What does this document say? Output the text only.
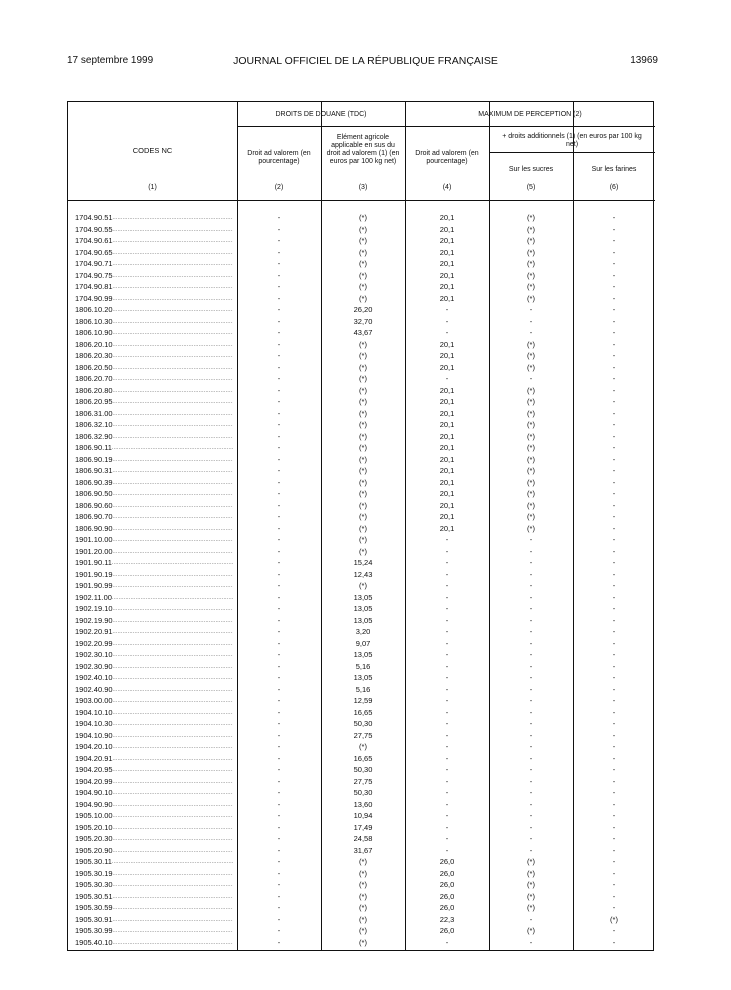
17 septembre 1999	JOURNAL OFFICIEL DE LA RÉPUBLIQUE FRANÇAISE	13969
CODES NC
DROITS DE DOUANE (TDC)	MAXIMUM DE PERCEPTION (2)
Droit ad valorem (en pourcentage)
Elément agricole applicable en sus du droit ad valorem (1) (en euros par 100 kg net)
Droit ad valorem (en pourcentage)
+ droits additionnels (1) (en euros par 100 kg net)
Sur les sucres	Sur les farines
(1)	(2)	(3)	(4)	(5)	(6)
1704.90.51 .....	-	(*)	20,1	(*)	-
1704.90.55 .....	-	(*)	20,1	(*)	-
1704.90.61 .....	-	(*)	20,1	(*)	-
1704.90.65 .....	-	(*)	20,1	(*)	-
1704.90.71 .....	-	(*)	20,1	(*)	-
1704.90.75 .....	-	(*)	20,1	(*)	-
1704.90.81 .....	-	(*)	20,1	(*)	-
1704.90.99 .....	-	(*)	20,1	(*)	-
1806.10.20 .....	-	26,20	-	-	-
1806.10.30 .....	-	32,70	-	-	-
1806.10.90 .....	-	43,67	-	-	-
1806.20.10 .....	-	(*)	20,1	(*)	-
1806.20.30 .....	-	(*)	20,1	(*)	-
1806.20.50 .....	-	(*)	20,1	(*)	-
1806.20.70 .....	-	(*)	-	-	-
1806.20.80 .....	-	(*)	20,1	(*)	-
1806.20.95 .....	-	(*)	20,1	(*)	-
1806.31.00 .....	-	(*)	20,1	(*)	-
1806.32.10 .....	-	(*)	20,1	(*)	-
1806.32.90 .....	-	(*)	20,1	(*)	-
1806.90.11 .....	-	(*)	20,1	(*)	-
1806.90.19 .....	-	(*)	20,1	(*)	-
1806.90.31 .....	-	(*)	20,1	(*)	-
1806.90.39 .....	-	(*)	20,1	(*)	-
1806.90.50 .....	-	(*)	20,1	(*)	-
1806.90.60 .....	-	(*)	20,1	(*)	-
1806.90.70 .....	-	(*)	20,1	(*)	-
1806.90.90 .....	-	(*)	20,1	(*)	-
1901.10.00 .....	-	(*)	-	-	-
1901.20.00 .....	-	(*)	-	-	-
1901.90.11 .....	-	15,24	-	-	-
1901.90.19 .....	-	12,43	-	-	-
1901.90.99 .....	-	(*)	-	-	-
1902.11.00 .....	-	13,05	-	-	-
1902.19.10 .....	-	13,05	-	-	-
1902.19.90 .....	-	13,05	-	-	-
1902.20.91 .....	-	3,20	-	-	-
1902.20.99 .....	-	9,07	-	-	-
1902.30.10 .....	-	13,05	-	-	-
1902.30.90 .....	-	5,16	-	-	-
1902.40.10 .....	-	13,05	-	-	-
1902.40.90 .....	-	5,16	-	-	-
1903.00.00 .....	-	12,59	-	-	-
1904.10.10 .....	-	16,65	-	-	-
1904.10.30 .....	-	50,30	-	-	-
1904.10.90 .....	-	27,75	-	-	-
1904.20.10 .....	-	(*)	-	-	-
1904.20.91 .....	-	16,65	-	-	-
1904.20.95 .....	-	50,30	-	-	-
1904.20.99 .....	-	27,75	-	-	-
1904.90.10 .....	-	50,30	-	-	-
1904.90.90 .....	-	13,60	-	-	-
1905.10.00 .....	-	10,94	-	-	-
1905.20.10 .....	-	17,49	-	-	-
1905.20.30 .....	-	24,58	-	-	-
1905.20.90 .....	-	31,67	-	-	-
1905.30.11 .....	-	(*)	26,0	(*)	-
1905.30.19 .....	-	(*)	26,0	(*)	-
1905.30.30 .....	-	(*)	26,0	(*)	-
1905.30.51 .....	-	(*)	26,0	(*)	-
1905.30.59 .....	-	(*)	26,0	(*)	-
1905.30.91 .....	-	(*)	22,3	-	(*)
1905.30.99 .....	-	(*)	26,0	(*)	-
1905.40.10 .....	-	(*)	-	-	-
